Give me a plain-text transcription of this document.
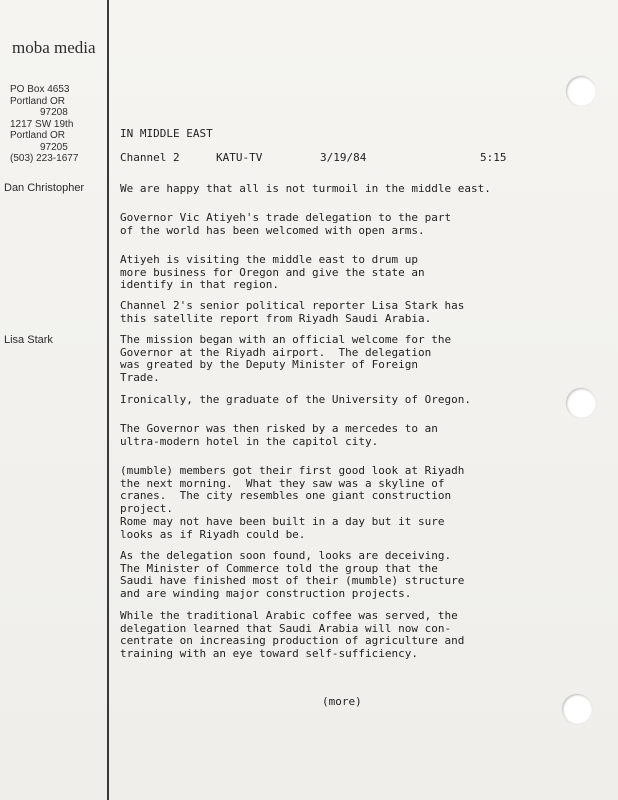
moba media
PO Box 4653
Portland OR
97208
1217 SW 19th
Portland OR
97205
(503) 223-1677
IN MIDDLE EAST
Channel 2	KATU-TV	3/19/84	5:15
Dan Christopher
Lisa Stark
We are happy that all is not turmoil in the middle east.
Governor Vic Atiyeh's trade delegation to the part
of the world has been welcomed with open arms.
Atiyeh is visiting the middle east to drum up
more business for Oregon and give the state an
identify in that region.
Channel 2's senior political reporter Lisa Stark has
this satellite report from Riyadh Saudi Arabia.
The mission began with an official welcome for the
Governor at the Riyadh airport.  The delegation
was greated by the Deputy Minister of Foreign
Trade.
Ironically, the graduate of the University of Oregon.
The Governor was then risked by a mercedes to an
ultra-modern hotel in the capitol city.
(mumble) members got their first good look at Riyadh
the next morning.  What they saw was a skyline of
cranes.  The city resembles one giant construction
project.
Rome may not have been built in a day but it sure
looks as if Riyadh could be.
As the delegation soon found, looks are deceiving.
The Minister of Commerce told the group that the
Saudi have finished most of their (mumble) structure
and are winding major construction projects.
While the traditional Arabic coffee was served, the
delegation learned that Saudi Arabia will now con-
centrate on increasing production of agriculture and
training with an eye toward self-sufficiency.
(more)
